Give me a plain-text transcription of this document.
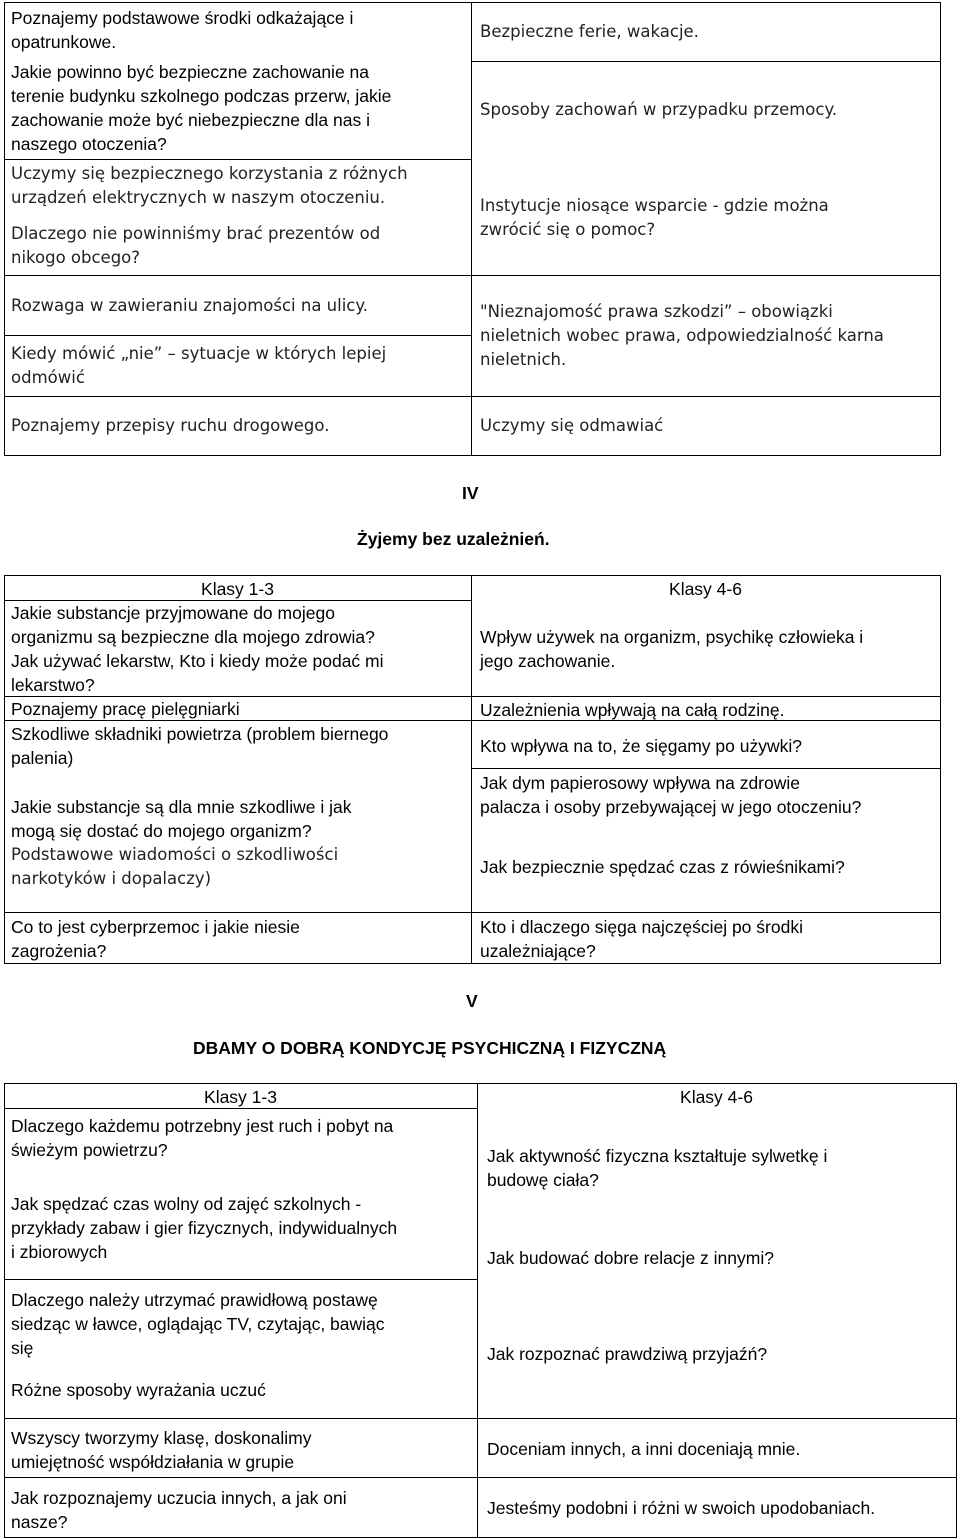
Poznajemy podstawowe środki odkażające i
opatrunkowe.
Jakie powinno być bezpieczne zachowanie na
terenie budynku szkolnego podczas przerw, jakie
zachowanie może być niebezpieczne dla nas i
naszego otoczenia?
Uczymy się bezpiecznego korzystania z różnych
urządzeń elektrycznych w naszym otoczeniu.
Dlaczego nie powinniśmy brać prezentów od
nikogo obcego?
Rozwaga w zawieraniu znajomości na ulicy.
Kiedy mówić „nie” – sytuacje w których lepiej
odmówić
Poznajemy przepisy ruchu drogowego.
Bezpieczne ferie, wakacje.
Sposoby zachowań w przypadku przemocy.
Instytucje niosące wsparcie - gdzie można
zwrócić się o pomoc?
"Nieznajomość prawa szkodzi” – obowiązki
nieletnich wobec prawa, odpowiedzialność karna
nieletnich.
Uczymy się odmawiać
IV
Żyjemy bez uzależnień.
Klasy 1-3	Klasy 4-6
Jakie substancje przyjmowane do mojego
organizmu są bezpieczne dla mojego zdrowia?
Jak używać lekarstw, Kto i kiedy może podać mi
lekarstwo?
Poznajemy pracę pielęgniarki
Szkodliwe składniki powietrza (problem biernego
palenia)
Jakie substancje są dla mnie szkodliwe i jak
mogą się dostać do mojego organizm?
Podstawowe wiadomości o szkodliwości
narkotyków i dopalaczy)
Co to jest cyberprzemoc i jakie niesie
zagrożenia?
Wpływ używek na organizm, psychikę człowieka i
jego zachowanie.
Uzależnienia wpływają na całą rodzinę.
Kto wpływa na to, że sięgamy po używki?
Jak dym papierosowy wpływa na zdrowie
palacza i osoby przebywającej w jego otoczeniu?
Jak bezpiecznie spędzać czas z rówieśnikami?
Kto i dlaczego sięga najczęściej po środki
uzależniające?
V
DBAMY O DOBRĄ KONDYCJĘ PSYCHICZNĄ I FIZYCZNĄ
Klasy 1-3	Klasy 4-6
Dlaczego każdemu potrzebny jest ruch i pobyt na
świeżym powietrzu?
Jak spędzać czas wolny od zajęć szkolnych -
przykłady zabaw i gier fizycznych, indywidualnych
i zbiorowych
Dlaczego należy utrzymać prawidłową postawę
siedząc w ławce, oglądając TV, czytając, bawiąc
się
Różne sposoby wyrażania uczuć
Wszyscy tworzymy klasę, doskonalimy
umiejętność współdziałania w grupie
Jak rozpoznajemy uczucia innych, a jak oni
nasze?
Jak aktywność fizyczna kształtuje sylwetkę i
budowę ciała?
Jak budować dobre relacje z innymi?
Jak rozpoznać prawdziwą przyjaźń?
Doceniam innych, a inni doceniają mnie.
Jesteśmy podobni i różni w swoich upodobaniach.
